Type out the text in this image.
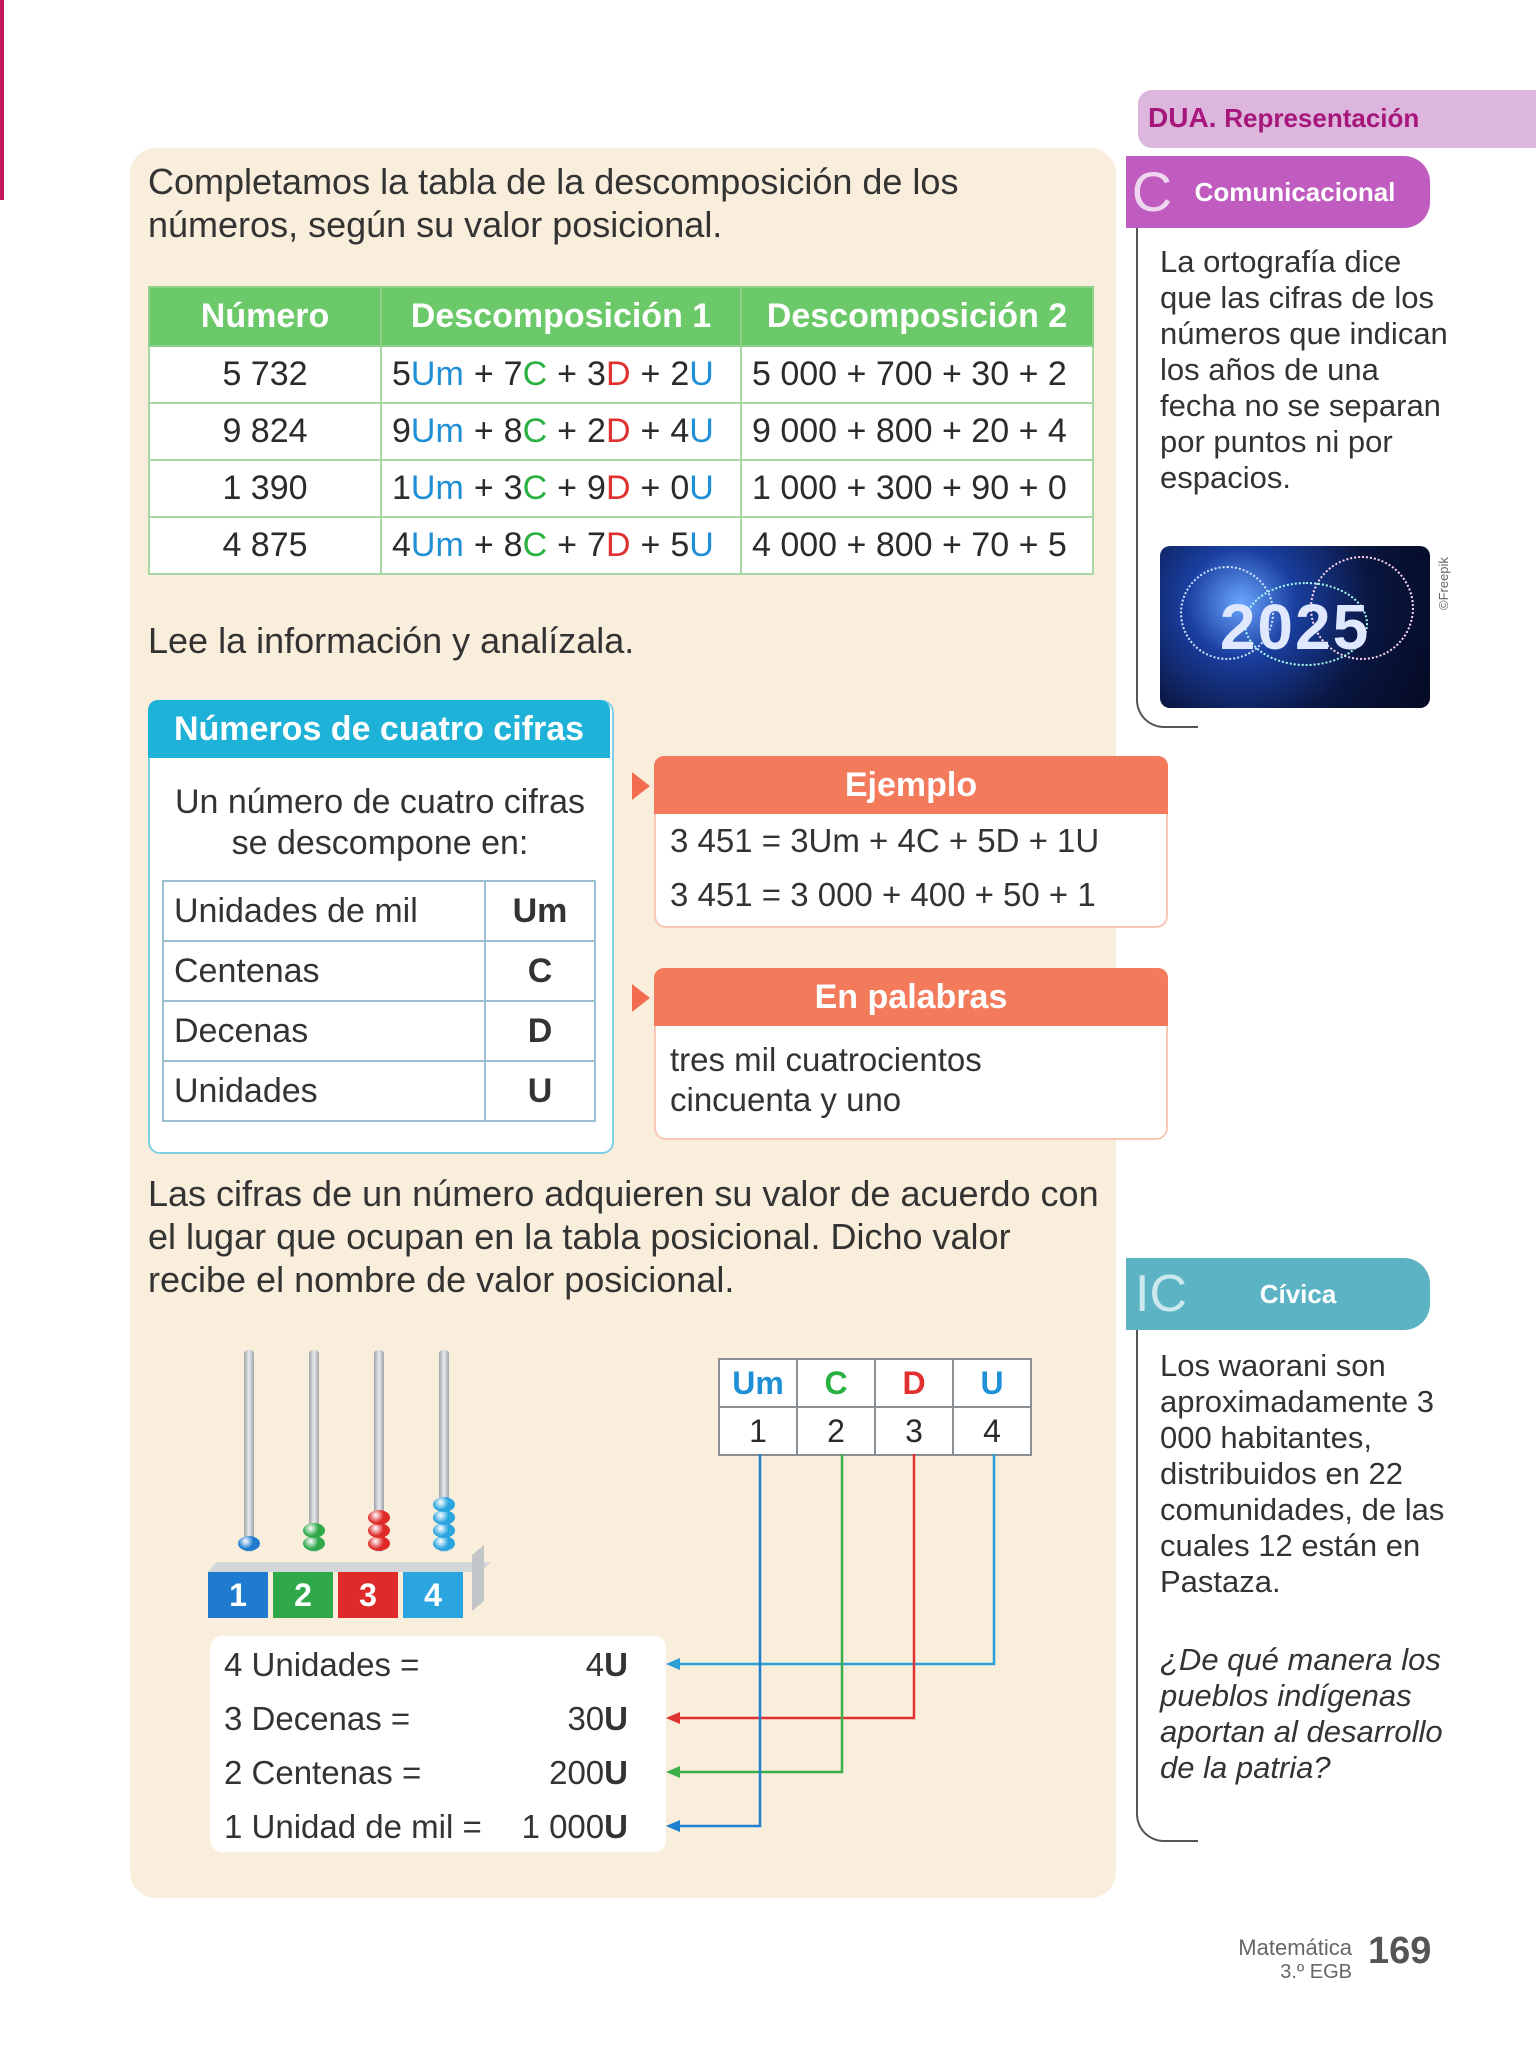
Completamos la tabla de la descomposición de los números, según su valor posicional.
Número	Descomposición 1	Descomposición 2
5 732	5Um + 7C + 3D + 2U	5 000 + 700 + 30 + 2
9 824	9Um + 8C + 2D + 4U	9 000 + 800 + 20 + 4
1 390	1Um + 3C + 9D + 0U	1 000 + 300 + 90 + 0
4 875	4Um + 8C + 7D + 5U	4 000 + 800 + 70 + 5
Lee la información y analízala.
Números de cuatro cifras
Un número de cuatro cifras se descompone en:
Unidades de mil	Um
Centenas	C
Decenas	D
Unidades	U
Ejemplo
3 451 = 3Um + 4C + 5D + 1U
3 451 = 3 000 + 400 + 50 + 1
En palabras
tres mil cuatrocientos cincuenta y uno
Las cifras de un número adquieren su valor de acuerdo con el lugar que ocupan en la tabla posicional. Dicho valor recibe el nombre de valor posicional.
1	2	3	4
Um	C	D	U
1	2	3	4
4 Unidades =	4U
3 Decenas =	30U
2 Centenas =	200U
1 Unidad de mil =	1 000U
DUA. Representación
C Comunicacional
La ortografía dice que las cifras de los números que indican los años de una fecha no se separan por puntos ni por espacios.
2025
©Freepik
IC	Cívica
Los waorani son aproximadamente 3 000 habitantes, distribuidos en 22 comunidades, de las cuales 12 están en Pastaza.
¿De qué manera los pueblos indígenas aportan al desarrollo de la patria?
Matemática
3.º EGB 169
